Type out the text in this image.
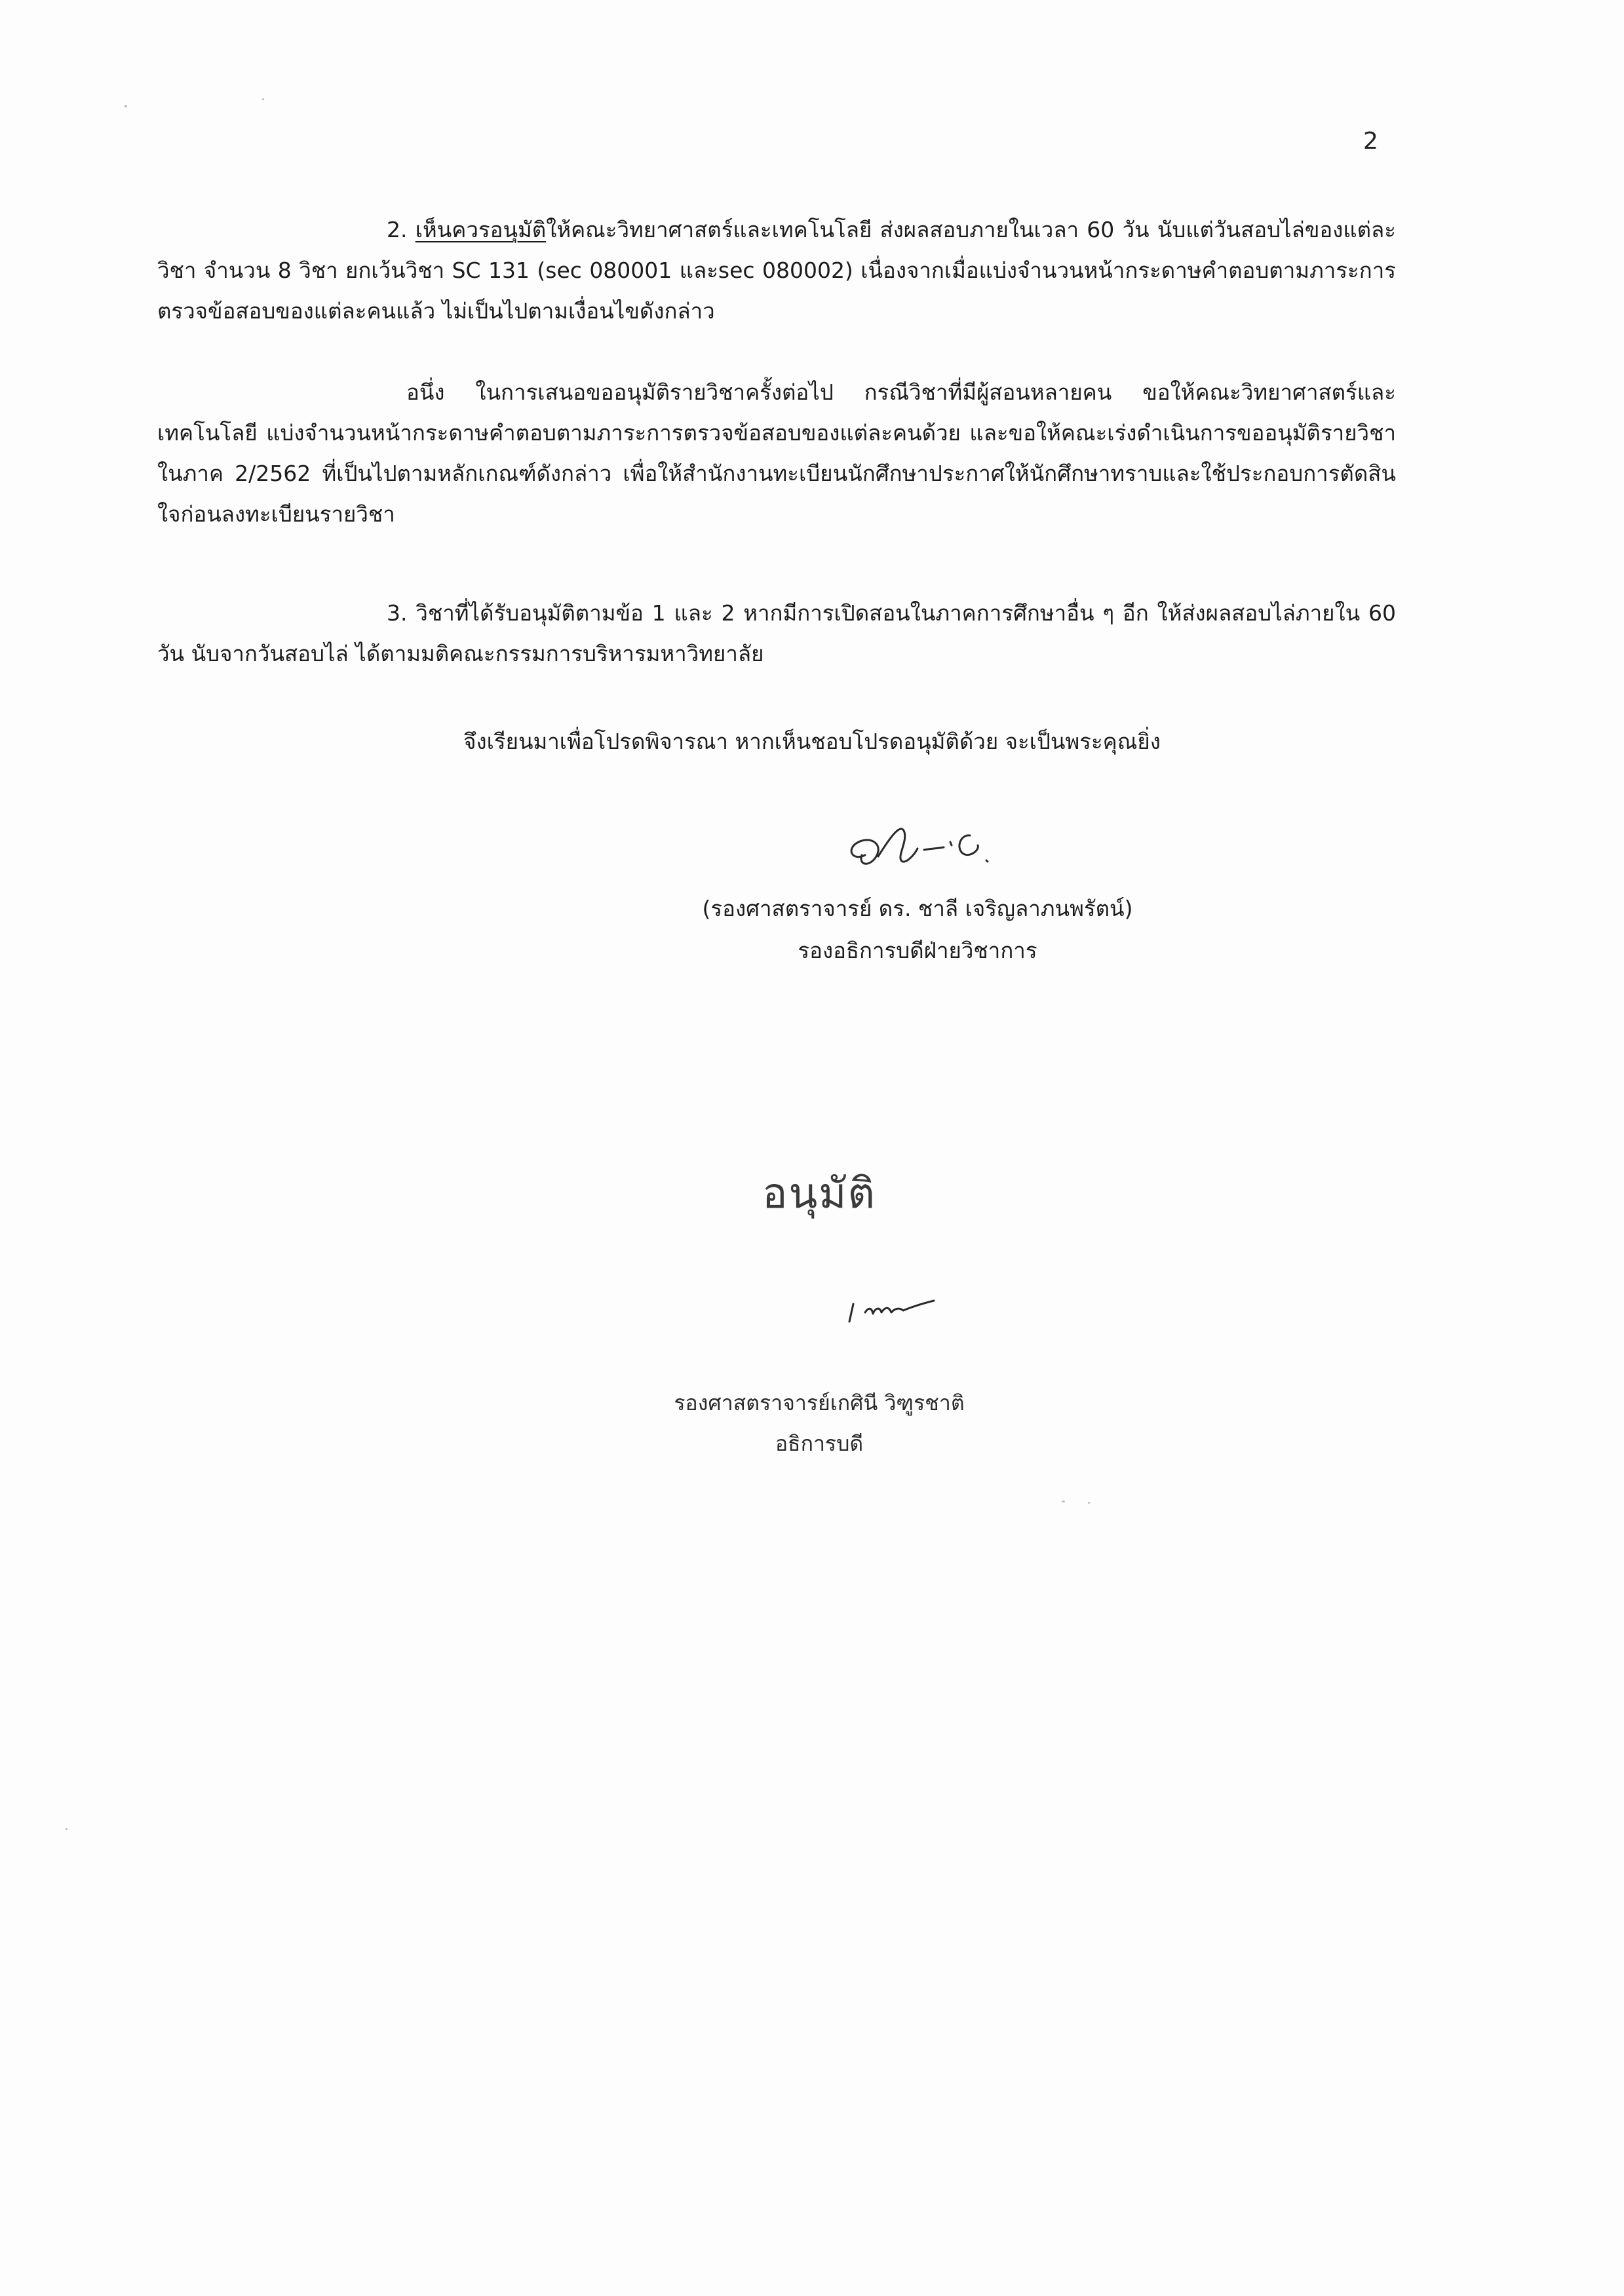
2
2. เห็นควรอนุมัติให้คณะวิทยาศาสตร์และเทคโนโลยี ส่งผลสอบภายในเวลา 60 วัน นับแต่วันสอบไล่ของแต่ละวิชา จำนวน 8 วิชา ยกเว้นวิชา SC 131 (sec 080001 และsec 080002) เนื่องจากเมื่อแบ่งจำนวนหน้ากระดาษคำตอบตามภาระการตรวจข้อสอบของแต่ละคนแล้ว ไม่เป็นไปตามเงื่อนไขดังกล่าว
อนึ่ง ในการเสนอขออนุมัติรายวิชาครั้งต่อไป กรณีวิชาที่มีผู้สอนหลายคน ขอให้คณะวิทยาศาสตร์และเทคโนโลยี แบ่งจำนวนหน้ากระดาษคำตอบตามภาระการตรวจข้อสอบของแต่ละคนด้วย และขอให้คณะเร่งดำเนินการขออนุมัติรายวิชาในภาค 2/2562 ที่เป็นไปตามหลักเกณฑ์ดังกล่าว เพื่อให้สำนักงานทะเบียนนักศึกษาประกาศให้นักศึกษาทราบและใช้ประกอบการตัดสินใจก่อนลงทะเบียนรายวิชา
3. วิชาที่ได้รับอนุมัติตามข้อ 1 และ 2 หากมีการเปิดสอนในภาคการศึกษาอื่น ๆ อีก ให้ส่งผลสอบไล่ภายใน 60 วัน นับจากวันสอบไล่ ได้ตามมติคณะกรรมการบริหารมหาวิทยาลัย
จึงเรียนมาเพื่อโปรดพิจารณา หากเห็นชอบโปรดอนุมัติด้วย จะเป็นพระคุณยิ่ง
(รองศาสตราจารย์ ดร. ชาลี เจริญลาภนพรัตน์)
รองอธิการบดีฝ่ายวิชาการ
อนุมัติ
รองศาสตราจารย์เกศินี วิฑูรชาติ
อธิการบดี
